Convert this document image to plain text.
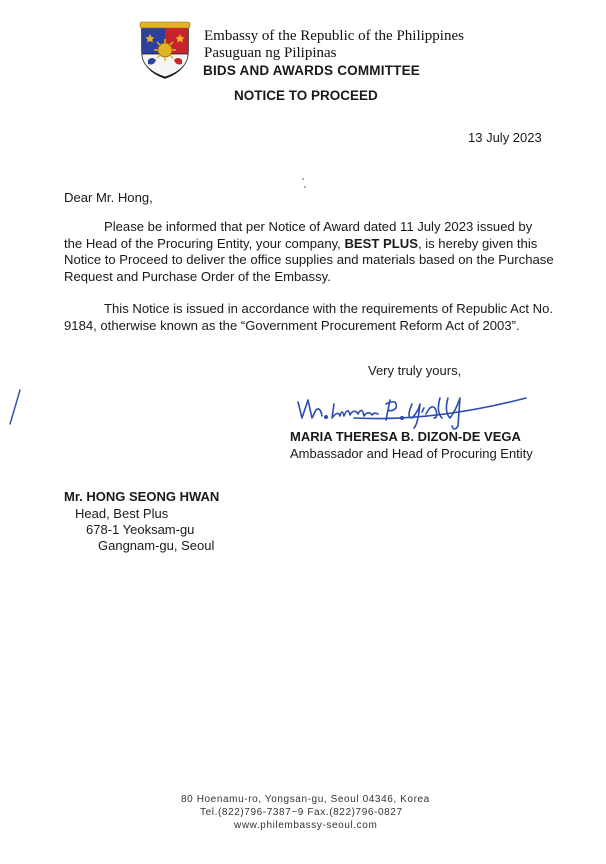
Embassy of the Republic of the Philippines
Pasuguan ng Pilipinas
BIDS AND AWARDS COMMITTEE
NOTICE TO PROCEED
13 July 2023
Dear Mr. Hong,
Please be informed that per Notice of Award dated 11 July 2023 issued by the Head of the Procuring Entity, your company, BEST PLUS, is hereby given this Notice to Proceed to deliver the office supplies and materials based on the Purchase Request and Purchase Order of the Embassy.
This Notice is issued in accordance with the requirements of Republic Act No. 9184, otherwise known as the “Government Procurement Reform Act of 2003”.
Very truly yours,
MARIA THERESA B. DIZON-DE VEGA
Ambassador and Head of Procuring Entity
Mr. HONG SEONG HWAN
Head, Best Plus
678-1 Yeoksam-gu
Gangnam-gu, Seoul
80 Hoenamu-ro, Yongsan-gu, Seoul 04346, Korea
Tel.(822)796-7387~9 Fax.(822)796-0827
www.philembassy-seoul.com
